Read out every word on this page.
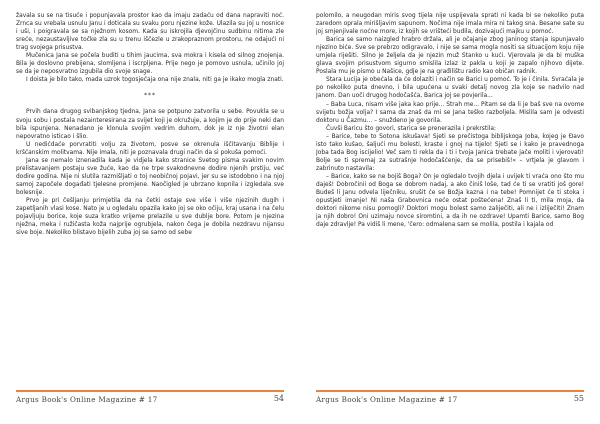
žavala su se na tisuće i popunjavala prostor kao da imaju zadaću od dana napraviti noć. Zrnca su vrebala usnulu Janu i doticala su svaku poru njezine kože. Ulazila su joj u nosnice i uši, i poigravala se sa nježnom kosom. Kada su iskrojila djevojčinu sudbinu nitima zle sreće, nezaustavljive točke zla su u trenu iščezle u zrakopraznom prostoru, ne odajući ni trag svojega prisustva.

Mučenica Jana se počela buditi u tihim jaucima, sva mokra i kisela od silnog znojenja. Bila je doslovno prebijena, slomljena i iscrpljena. Prije nego je pomovo usnula, učinilo joj se da je neposvratno izgubila dio svoje snage.

I doista je bilo tako, mada uzrok togosjećaja ona nije znala, niti ga je ikako mogla znati.

***

Prvih dana drugog svibanjskog tjedna, Jana se potpuno zatvorila u sebe. Povukla se u svoju sobu i postala nezainteresirana za svijet koji je okružuje, a kojim je do prije neki dan bila ispunjena. Nenadano je klonula svojim vedrim duhom, dok je iz nje životni elan nepovratno isticao i šlio.

U nedićdaće porvratiti volju za životom, posve se okrenula iščitavanju Biblije i kršćanskim molitvama. Nije imala, niti je poznavala drugi način da si pokuša pomoći.

Jana se nemalo iznenadila kada je vidjela kako stranice Svetog pisma svakim novim prelistavanjem postaju sve žuće, kao da ne trpe svakodnevne dodire njenih prstiju, već dodire godina. Nije ni slutila razmišljati o toj neobičnoj pojavi, jer su se istodobno i na njoj samoj započele događati tjelesne promjene. Naočigled je ubrzano kopnila i izgledala sve bolesnije.

Prvo je pri češljanju primjetila da na četki ostaje sve više i više njezinih dugih i zapetljanih vlasi kose. Nato je u ogledalu opazila kako joj se oko očiju, kraj usana i na čelu pojavljuju borice, koje suza kratko vrijeme prelazile u sve dublje bore. Potom je njezina nježna, meka i ružičasta koža najprije ogrubjela, nakon čega je dobila nezdravu nijansu sive boje. Nekoliko blistavo bijelih zuba joj se samo od sebe

Argus Book's Online Magazine # 17	54

polomilo, a neugodan miris svog tijela nije uspijevala sprati ni kada bi se nekoliko puta zaredom oprala mirišljavim sapunom. Nočima nije imala mira ni takog sna. Besane sate su joj smjenjivale noćne more, iz kojih se vrišteći budila, dozivajući majku u pomoć.

Barica se samo naizgled hrabro držala, ali je očajanje zbog Janinog stanja ispunjavalo njezino biće. Sve se prebrzo odigravalo, i nije se sama mogla nositi sa situacijom koju nije umjela riješiti. Silno je željela da je njezin muž Stanko u kući. Vjerovala je da bi muška glava svojim prisustvom sigurno smislila izlaz iz pakla u koji je zapalo njihovo dijete. Poslala mu je pismo u Našice, gdje je na građilištu radio kao običan radnik.

Stara Lucija je obećala da će dolaziti i način se Barici u pomoć. To je i činila. Svraćala je po nekoliko puta dnevno, i bila upućena u svaki detalj novog zla koje se nadvilo nad Janom. Dan uoči drugog hodočašća, Barica joj se povjerila...

– Baba Luca, nisam više jaka kao prije... Strah me... Pitam se da li je baš sve na ovome svijetu božja volja? I sama da znaš da mi se Jana teško razboljela. Mislila sam je odvesti doktoru u Čazmu... – snuždeno je govorila.

Čuvši Baricu što govori, starica se prenerazila i prekrstila:

– Barice, tebe to Sotona iskušava! Sjeti se prečistoga biblijskoga Joba, kojeg je Đavo isto tako kušao, šaljući mu bolesti, kraste i gnoj na tijelo! Sjeti se i kako je pravednoga Joba tada Bog iscijelio! Več sam ti rekla da i ti i tvoja Janica trebate jače moliti i vjerovati! Bolje se ti spremaj za sutrašnje hodočašćenje, da se prisebiš!« – vrtjela je glavom i zabrinuto nastavila:

– Barice, kako se ne bojiš Boga? On je ogledalo tvojih djela i uvijek ti vraća ono što mu daješ! Dobročinii od Boga se dobrom nadaj, a ako činiš loše, tad će ti se vratiti još gore! Budeš li Janu odvela liječniku, srušit će se Božja kazna i na tebe! Pomnijet će ti stoka i opustjeti imanje! Ni naša Grabovnica neće ostat poštećena! Znaš li ti, mila moja, da doktori nikome nisu pomogli? Doktori mogu bolest samo zaliječiti, ali ne i izliječiti! Znam ja njih dobro! Oni uzimaju novce siromtini, a da ih ne ozdrave! Upamti Barice, samo Bog daje zdravlje! Pa vidiš li mene, 'čero: odmalena sam se molila, postila i kajala od

Argus Book's Online Magazine # 17	55
